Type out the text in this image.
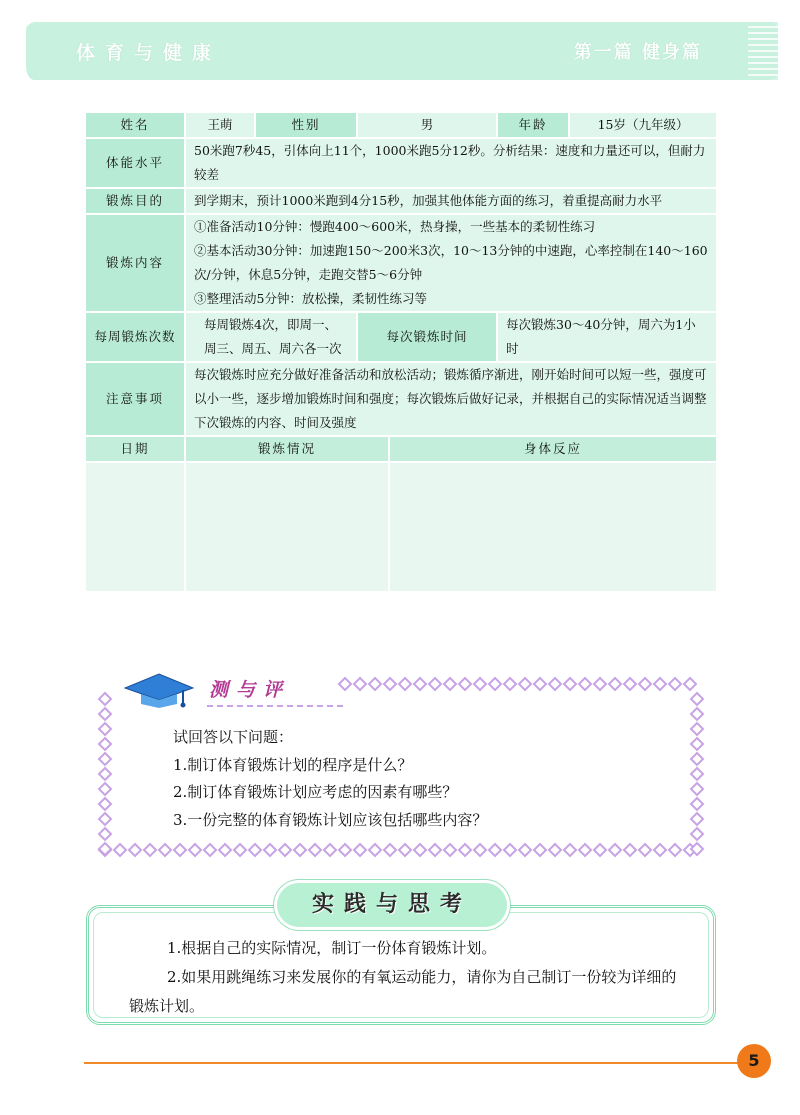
体育与健康	第一篇 健身篇
姓名	王萌	性别	男		年龄	15岁（九年级）
体能水平	50米跑7秒45，引体向上11个，1000米跑5分12秒。分析结果：速度和力量还可以，但耐力较差					
锻炼目的	到学期末，预计1000米跑到4分15秒，加强其他体能方面的练习，着重提高耐力水平					
锻炼内容	①准备活动10分钟：慢跑400～600米，热身操，一些基本的柔韧性练习
②基本活动30分钟：加速跑150～200米3次，10～13分钟的中速跑，心率控制在140～160次/分钟，休息5分钟，走跑交替5～6分钟
③整理活动5分钟：放松操，柔韧性练习等					

每周锻炼次数	每周锻炼4次，即周一、周三、周五、周六各一次		每次锻炼时间		每次锻炼30～40分钟，周六为1小时	
注意事项	每次锻炼时应充分做好准备活动和放松活动；锻炼循序渐进，刚开始时间可以短一些，强度可以小一些，逐步增加锻炼时间和强度；每次锻炼后做好记录，并根据自己的实际情况适当调整下次锻炼的内容、时间及强度					
日期	锻炼情况			身体反应		

测与评
试回答以下问题：
1.制订体育锻炼计划的程序是什么？
2.制订体育锻炼计划应考虑的因素有哪些？
3.一份完整的体育锻炼计划应该包括哪些内容？
实践与思考
1.根据自己的实际情况，制订一份体育锻炼计划。
2.如果用跳绳练习来发展你的有氧运动能力，请你为自己制订一份较为详细的锻炼计划。
5
